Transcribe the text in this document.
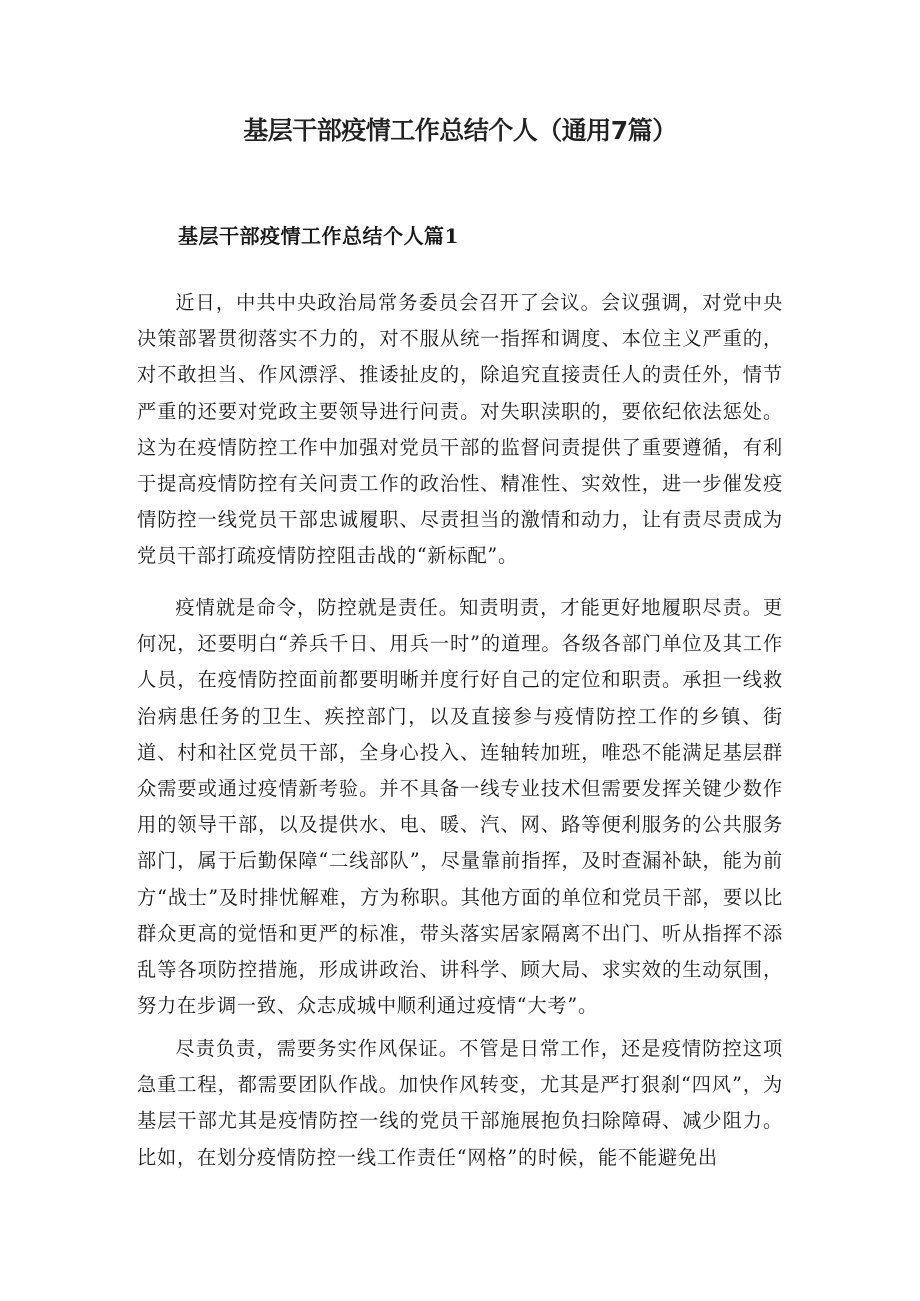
基层干部疫情工作总结个人（通用7篇）
基层干部疫情工作总结个人篇1

近日，中共中央政治局常务委员会召开了会议。会议强调，对党中央决策部署贯彻落实不力的，对不服从统一指挥和调度、本位主义严重的，对不敢担当、作风漂浮、推诿扯皮的，除追究直接责任人的责任外，情节严重的还要对党政主要领导进行问责。对失职渎职的，要依纪依法惩处。这为在疫情防控工作中加强对党员干部的监督问责提供了重要遵循，有利于提高疫情防控有关问责工作的政治性、精准性、实效性，进一步催发疫情防控一线党员干部忠诚履职、尽责担当的激情和动力，让有责尽责成为党员干部打疏疫情防控阻击战的“新标配”。

疫情就是命令，防控就是责任。知责明责，才能更好地履职尽责。更何况，还要明白“养兵千日、用兵一时”的道理。各级各部门单位及其工作人员，在疫情防控面前都要明晰并度行好自己的定位和职责。承担一线救治病患任务的卫生、疾控部门，以及直接参与疫情防控工作的乡镇、街道、村和社区党员干部，全身心投入、连轴转加班，唯恐不能满足基层群众需要或通过疫情新考验。并不具备一线专业技术但需要发挥关键少数作用的领导干部，以及提供水、电、暖、汽、网、路等便利服务的公共服务部门，属于后勤保障“二线部队”，尽量靠前指挥，及时查漏补缺，能为前方“战士”及时排忧解难，方为称职。其他方面的单位和党员干部，要以比群众更高的觉悟和更严的标准，带头落实居家隔离不出门、听从指挥不添乱等各项防控措施，形成讲政治、讲科学、顾大局、求实效的生动氛围，努力在步调一致、众志成城中顺利通过疫情“大考”。

尽责负责，需要务实作风保证。不管是日常工作，还是疫情防控这项急重工程，都需要团队作战。加快作风转变，尤其是严打狠刹“四风”，为基层干部尤其是疫情防控一线的党员干部施展抱负扫除障碍、减少阻力。比如，在划分疫情防控一线工作责任“网格”的时候，能不能避免出
